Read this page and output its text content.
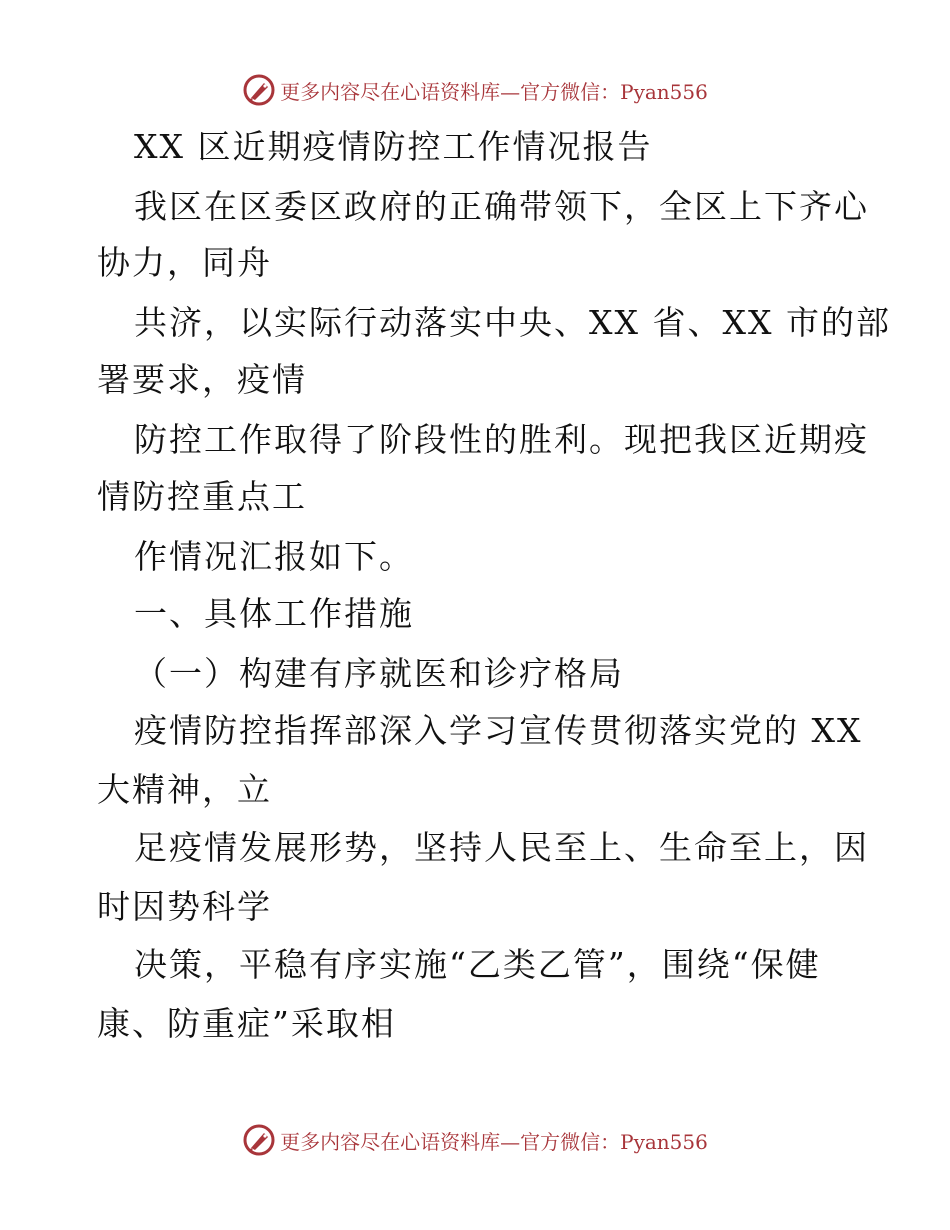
更多内容尽在心语资料库—官方微信：Pyan556
XX 区近期疫情防控工作情况报告
我区在区委区政府的正确带领下，全区上下齐心
协力，同舟
共济，以实际行动落实中央、XX 省、XX 市的部
署要求，疫情
防控工作取得了阶段性的胜利。现把我区近期疫
情防控重点工
作情况汇报如下。
一、具体工作措施
（一）构建有序就医和诊疗格局
疫情防控指挥部深入学习宣传贯彻落实党的 XX
大精神，立
足疫情发展形势，坚持人民至上、生命至上，因
时因势科学
决策，平稳有序实施“乙类乙管”，围绕“保健
康、防重症”采取相
更多内容尽在心语资料库—官方微信：Pyan556
